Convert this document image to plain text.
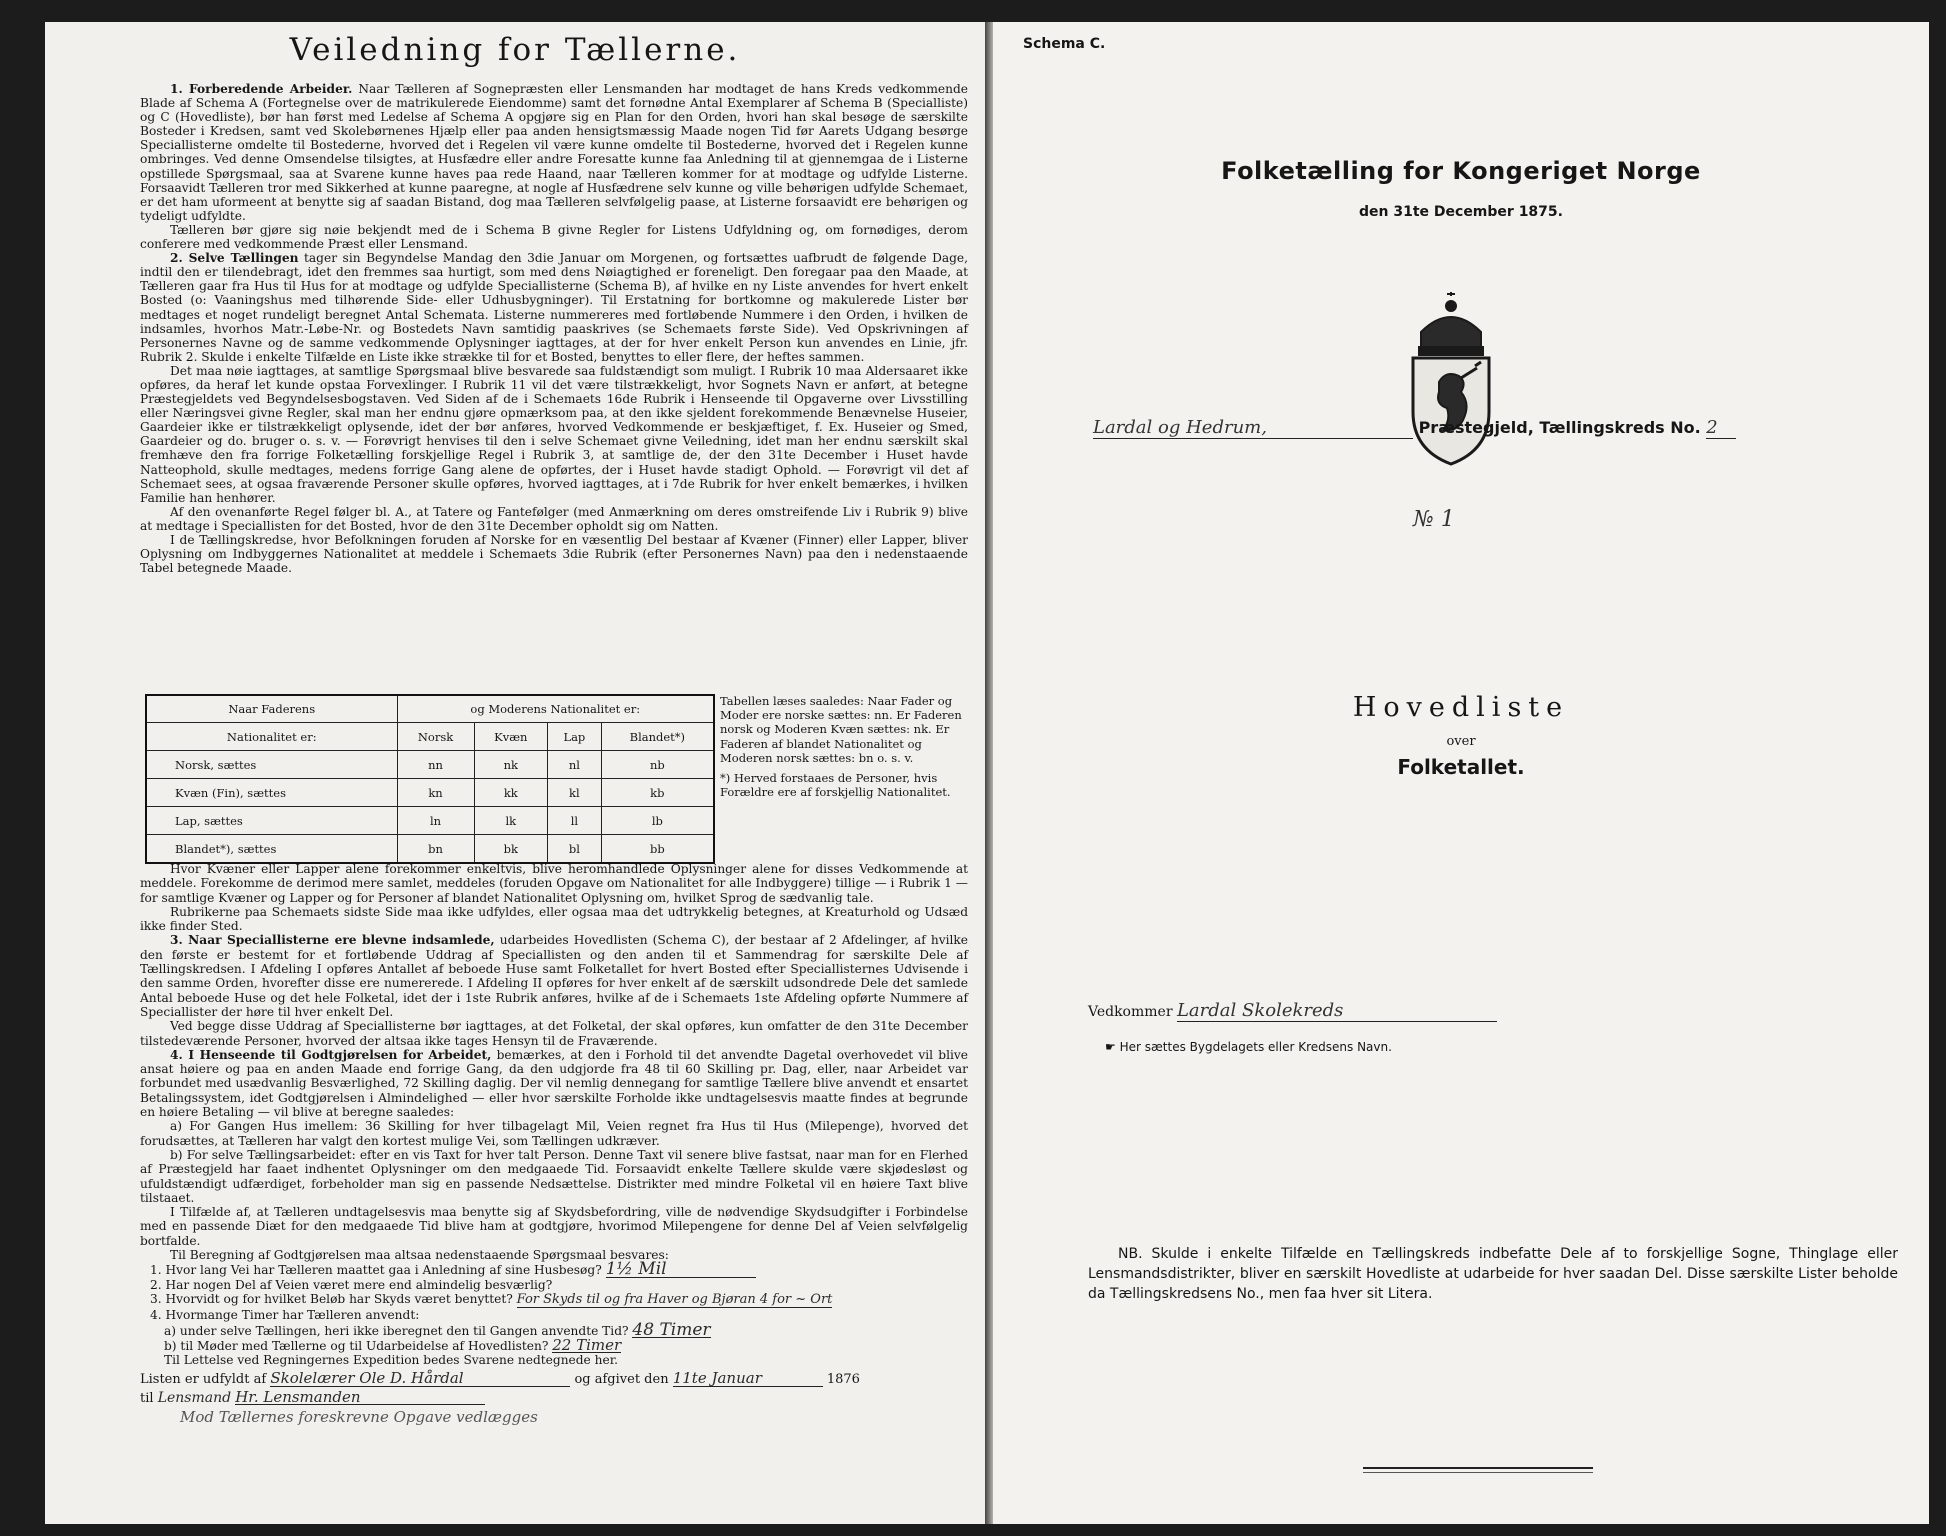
Veiledning for Tællerne.

1. Forberedende Arbeider. Naar Tælleren af Sognepræsten eller Lensmanden har modtaget de hans Kreds vedkommende Blade af Schema A (Fortegnelse over de matrikulerede Eiendomme) samt det fornødne Antal Exemplarer af Schema B (Specialliste) og C (Hovedliste), bør han først med Ledelse af Schema A opgjøre sig en Plan for den Orden, hvori han skal besøge de særskilte Bosteder i Kredsen, samt ved Skolebørnenes Hjælp eller paa anden hensigtsmæssig Maade nogen Tid før Aarets Udgang besørge Speciallisterne omdelte til Bostederne, hvorved det i Regelen vil være kunne omdelte til Bostederne, hvorved det i Regelen kunne ombringes. Ved denne Omsendelse tilsigtes, at Husfædre eller andre Foresatte kunne faa Anledning til at gjennemgaa de i Listerne opstillede Spørgsmaal, saa at Svarene kunne haves paa rede Haand, naar Tælleren kommer for at modtage og udfylde Listerne. Forsaavidt Tælleren tror med Sikkerhed at kunne paaregne, at nogle af Husfædrene selv kunne og ville behørigen udfylde Schemaet, er det ham uformeent at benytte sig af saadan Bistand, dog maa Tælleren selvfølgelig paase, at Listerne forsaavidt ere behørigen og tydeligt udfyldte.

Tælleren bør gjøre sig nøie bekjendt med de i Schema B givne Regler for Listens Udfyldning og, om fornødiges, derom conferere med vedkommende Præst eller Lensmand.

2. Selve Tællingen tager sin Begyndelse Mandag den 3die Januar om Morgenen, og fortsættes uafbrudt de følgende Dage, indtil den er tilendebragt, idet den fremmes saa hurtigt, som med dens Nøiagtighed er foreneligt. Den foregaar paa den Maade, at Tælleren gaar fra Hus til Hus for at modtage og udfylde Speciallisterne (Schema B), af hvilke en ny Liste anvendes for hvert enkelt Bosted (o: Vaaningshus med tilhørende Side- eller Udhusbygninger). Til Erstatning for bortkomne og makulerede Lister bør medtages et noget rundeligt beregnet Antal Schemata. Listerne nummereres med fortløbende Nummere i den Orden, i hvilken de indsamles, hvorhos Matr.-Løbe-Nr. og Bostedets Navn samtidig paaskrives (se Schemaets første Side). Ved Opskrivningen af Personernes Navne og de samme vedkommende Oplysninger iagttages, at der for hver enkelt Person kun anvendes en Linie, jfr. Rubrik 2. Skulde i enkelte Tilfælde en Liste ikke strække til for et Bosted, benyttes to eller flere, der heftes sammen.

Det maa nøie iagttages, at samtlige Spørgsmaal blive besvarede saa fuldstændigt som muligt. I Rubrik 10 maa Aldersaaret ikke opføres, da heraf let kunde opstaa Forvexlinger. I Rubrik 11 vil det være tilstrækkeligt, hvor Sognets Navn er anført, at betegne Præstegjeldets ved Begyndelsesbogstaven. Ved Siden af de i Schemaets 16de Rubrik i Henseende til Opgaverne over Livsstilling eller Næringsvei givne Regler, skal man her endnu gjøre opmærksom paa, at den ikke sjeldent forekommende Benævnelse Huseier, Gaardeier ikke er tilstrækkeligt oplysende, idet der bør anføres, hvorved Vedkommende er beskjæftiget, f. Ex. Huseier og Smed, Gaardeier og do. bruger o. s. v. — Forøvrigt henvises til den i selve Schemaet givne Veiledning, idet man her endnu særskilt skal fremhæve den fra forrige Folketælling forskjellige Regel i Rubrik 3, at samtlige de, der den 31te December i Huset havde Natteophold, skulle medtages, medens forrige Gang alene de opførtes, der i Huset havde stadigt Ophold. — Forøvrigt vil det af Schemaet sees, at ogsaa fraværende Personer skulle opføres, hvorved iagttages, at i 7de Rubrik for hver enkelt bemærkes, i hvilken Familie han henhører.

Af den ovenanførte Regel følger bl. A., at Tatere og Fantefølger (med Anmærkning om deres omstreifende Liv i Rubrik 9) blive at medtage i Speciallisten for det Bosted, hvor de den 31te December opholdt sig om Natten.

I de Tællingskredse, hvor Befolkningen foruden af Norske for en væsentlig Del bestaar af Kvæner (Finner) eller Lapper, bliver Oplysning om Indbyggernes Nationalitet at meddele i Schemaets 3die Rubrik (efter Personernes Navn) paa den i nedenstaaende Tabel betegnede Maade.

Naar Faderens	og Moderens Nationalitet er:			
Nationalitet er:	Norsk	Kvæn	Lap	Blandet*)
Norsk, sættes	nn	nk	nl	nb
Kvæn (Fin), sættes	kn	kk	kl	kb
Lap, sættes	ln	lk	ll	lb
Blandet*), sættes	bn	bk	bl	bb

Tabellen læses saaledes: Naar Fader og Moder ere norske sættes: nn. Er Faderen norsk og Moderen Kvæn sættes: nk. Er Faderen af blandet Nationalitet og Moderen norsk sættes: bn o. s. v.

*) Herved forstaaes de Personer, hvis Forældre ere af forskjellig Nationalitet.

Hvor Kvæner eller Lapper alene forekommer enkeltvis, blive heromhandlede Oplysninger alene for disses Vedkommende at meddele. Forekomme de derimod mere samlet, meddeles (foruden Opgave om Nationalitet for alle Indbyggere) tillige — i Rubrik 1 — for samtlige Kvæner og Lapper og for Personer af blandet Nationalitet Oplysning om, hvilket Sprog de sædvanlig tale.

Rubrikerne paa Schemaets sidste Side maa ikke udfyldes, eller ogsaa maa det udtrykkelig betegnes, at Kreaturhold og Udsæd ikke finder Sted.

3. Naar Speciallisterne ere blevne indsamlede, udarbeides Hovedlisten (Schema C), der bestaar af 2 Afdelinger, af hvilke den første er bestemt for et fortløbende Uddrag af Speciallisten og den anden til et Sammendrag for særskilte Dele af Tællingskredsen. I Afdeling I opføres Antallet af beboede Huse samt Folketallet for hvert Bosted efter Speciallisternes Udvisende i den samme Orden, hvorefter disse ere numererede. I Afdeling II opføres for hver enkelt af de særskilt udsondrede Dele det samlede Antal beboede Huse og det hele Folketal, idet der i 1ste Rubrik anføres, hvilke af de i Schemaets 1ste Afdeling opførte Nummere af Speciallister der høre til hver enkelt Del.

Ved begge disse Uddrag af Speciallisterne bør iagttages, at det Folketal, der skal opføres, kun omfatter de den 31te December tilstedeværende Personer, hvorved der altsaa ikke tages Hensyn til de Fraværende.

4. I Henseende til Godtgjørelsen for Arbeidet, bemærkes, at den i Forhold til det anvendte Dagetal overhovedet vil blive ansat høiere og paa en anden Maade end forrige Gang, da den udgjorde fra 48 til 60 Skilling pr. Dag, eller, naar Arbeidet var forbundet med usædvanlig Besværlighed, 72 Skilling daglig. Der vil nemlig dennegang for samtlige Tællere blive anvendt et ensartet Betalingssystem, idet Godtgjørelsen i Almindelighed — eller hvor særskilte Forholde ikke undtagelsesvis maatte findes at begrunde en høiere Betaling — vil blive at beregne saaledes:

a) For Gangen Hus imellem: 36 Skilling for hver tilbagelagt Mil, Veien regnet fra Hus til Hus (Milepenge), hvorved det forudsættes, at Tælleren har valgt den kortest mulige Vei, som Tællingen udkræver.

b) For selve Tællingsarbeidet: efter en vis Taxt for hver talt Person. Denne Taxt vil senere blive fastsat, naar man for en Flerhed af Præstegjeld har faaet indhentet Oplysninger om den medgaaede Tid. Forsaavidt enkelte Tællere skulde være skjødesløst og ufuldstændigt udfærdiget, forbeholder man sig en passende Nedsættelse. Distrikter med mindre Folketal vil en høiere Taxt blive tilstaaet.

I Tilfælde af, at Tælleren undtagelsesvis maa benytte sig af Skydsbefordring, ville de nødvendige Skydsudgifter i Forbindelse med en passende Diæt for den medgaaede Tid blive ham at godtgjøre, hvorimod Milepengene for denne Del af Veien selvfølgelig bortfalde.

Til Beregning af Godtgjørelsen maa altsaa nedenstaaende Spørgsmaal besvares:

1. Hvor lang Vei har Tælleren maattet gaa i Anledning af sine Husbesøg? 1½ Mil
2. Har nogen Del af Veien været mere end almindelig besværlig?
3. Hvorvidt og for hvilket Beløb har Skyds været benyttet? For Skyds til og fra Haver og Bjøran 4 for ~ Ort
4. Hvormange Timer har Tælleren anvendt:
a) under selve Tællingen, heri ikke iberegnet den til Gangen anvendte Tid? 48 Timer
b) til Møder med Tællerne og til Udarbeidelse af Hovedlisten? 22 Timer
Til Lettelse ved Regningernes Expedition bedes Svarene nedtegnede her.
Listen er udfyldt af Skolelærer Ole D. Hårdal	og afgivet den 11te Januar	1876
til Lensmand Hr. Lensmanden
Mod Tællernes foreskrevne Opgave vedlægges
Schema C.
Folketælling for Kongeriget Norge
den 31te December 1875.
Lardal og Hedrum,	Præstegjeld, Tællingskreds No. 2
№ 1
Hovedliste
over
Folketallet.
Vedkommer Lardal Skolekreds
☛ Her sættes Bygdelagets eller Kredsens Navn.

NB. Skulde i enkelte Tilfælde en Tællingskreds indbefatte Dele af to forskjellige Sogne, Thinglage eller Lensmandsdistrikter, bliver en særskilt Hovedliste at udarbeide for hver saadan Del. Disse særskilte Lister beholde da Tællingskredsens No., men faa hver sit Litera.
